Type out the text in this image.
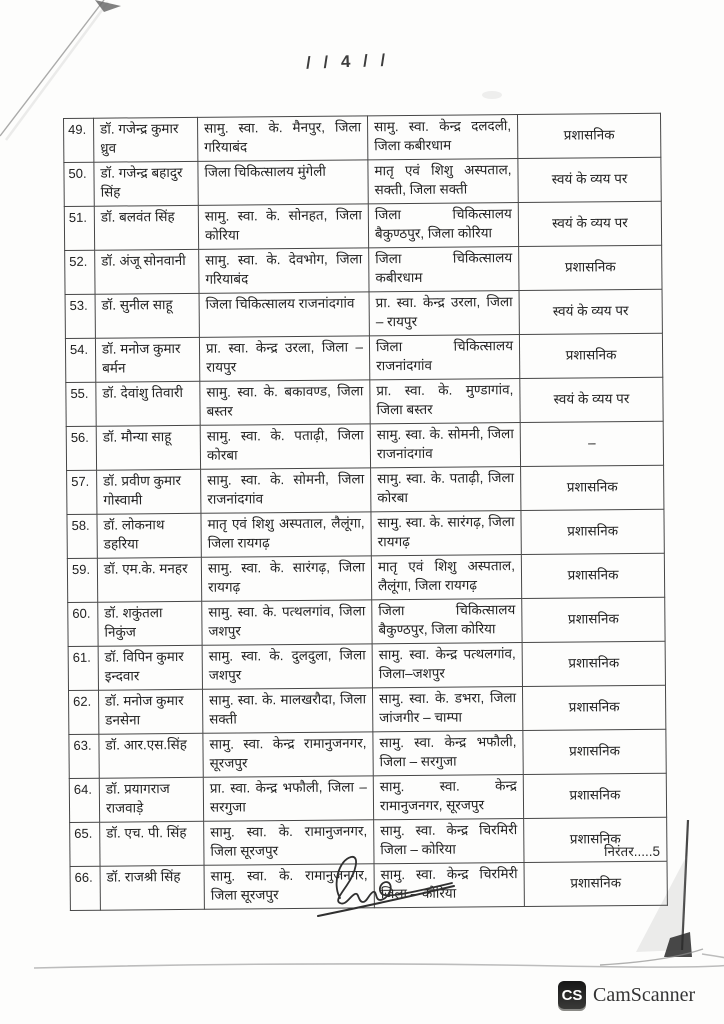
/ / 4 / /
49.	डॉ. गजेन्द्र कुमार ध्रुव	सामु. स्वा. के. मैनपुर, जिला गरियाबंद	सामु. स्वा. केन्द्र दलदली, जिला कबीरधाम	प्रशासनिक
50.	डॉ. गजेन्द्र बहादुर सिंह	जिला चिकित्सालय मुंगेली	मातृ एवं शिशु अस्पताल, सक्ती, जिला सक्ती	स्वयं के व्यय पर
51.	डॉ. बलवंत सिंह	सामु. स्वा. के. सोनहत, जिला कोरिया	जिला चिकित्सालय बैकुण्ठपुर, जिला कोरिया	स्वयं के व्यय पर
52.	डॉ. अंजू सोनवानी	सामु. स्वा. के. देवभोग, जिला गरियाबंद	जिला चिकित्सालय कबीरधाम	प्रशासनिक
53.	डॉ. सुनील साहू	जिला चिकित्सालय राजनांदगांव	प्रा. स्वा. केन्द्र उरला, जिला – रायपुर	स्वयं के व्यय पर
54.	डॉ. मनोज कुमार बर्मन	प्रा. स्वा. केन्द्र उरला, जिला – रायपुर	जिला चिकित्सालय राजनांदगांव	प्रशासनिक
55.	डॉ. देवांशु तिवारी	सामु. स्वा. के. बकावण्ड, जिला बस्तर	प्रा. स्वा. के. मुण्डागांव, जिला बस्तर	स्वयं के व्यय पर
56.	डॉ. मौन्या साहू	सामु. स्वा. के. पताढ़ी, जिला कोरबा	सामु. स्वा. के. सोमनी, जिला राजनांदगांव	–
57.	डॉ. प्रवीण कुमार गोस्वामी	सामु. स्वा. के. सोमनी, जिला राजनांदगांव	सामु. स्वा. के. पताढ़ी, जिला कोरबा	प्रशासनिक
58.	डॉ. लोकनाथ डहरिया	मातृ एवं शिशु अस्पताल, लैलूंगा, जिला रायगढ़	सामु. स्वा. के. सारंगढ़, जिला रायगढ़	प्रशासनिक
59.	डॉ. एम.के. मनहर	सामु. स्वा. के. सारंगढ़, जिला रायगढ़	मातृ एवं शिशु अस्पताल, लैलूंगा, जिला रायगढ़	प्रशासनिक
60.	डॉ. शकुंतला निकुंज	सामु. स्वा. के. पत्थलगांव, जिला जशपुर	जिला चिकित्सालय बैकुण्ठपुर, जिला कोरिया	प्रशासनिक
61.	डॉ. विपिन कुमार इन्दवार	सामु. स्वा. के. दुलदुला, जिला जशपुर	सामु. स्वा. केन्द्र पत्थलगांव, जिला–जशपुर	प्रशासनिक
62.	डॉ. मनोज कुमार डनसेना	सामु. स्वा. के. मालखरौदा, जिला सक्ती	सामु. स्वा. के. डभरा, जिला जांजगीर – चाम्पा	प्रशासनिक
63.	डॉ. आर.एस.सिंह	सामु. स्वा. केन्द्र रामानुजनगर, सूरजपुर	सामु. स्वा. केन्द्र भफौली, जिला – सरगुजा	प्रशासनिक
64.	डॉ. प्रयागराज राजवाड़े	प्रा. स्वा. केन्द्र भफौली, जिला – सरगुजा	सामु. स्वा. केन्द्र रामानुजनगर, सूरजपुर	प्रशासनिक
65.	डॉ. एच. पी. सिंह	सामु. स्वा. के. रामानुजनगर, जिला सूरजपुर	सामु. स्वा. केन्द्र चिरमिरी जिला – कोरिया	प्रशासनिक
66.	डॉ. राजश्री सिंह	सामु. स्वा. के. रामानुजनगर, जिला सूरजपुर	सामु. स्वा. केन्द्र चिरमिरी जिला – कोरिया	प्रशासनिक
निरंतर.....5
CS CamScanner
